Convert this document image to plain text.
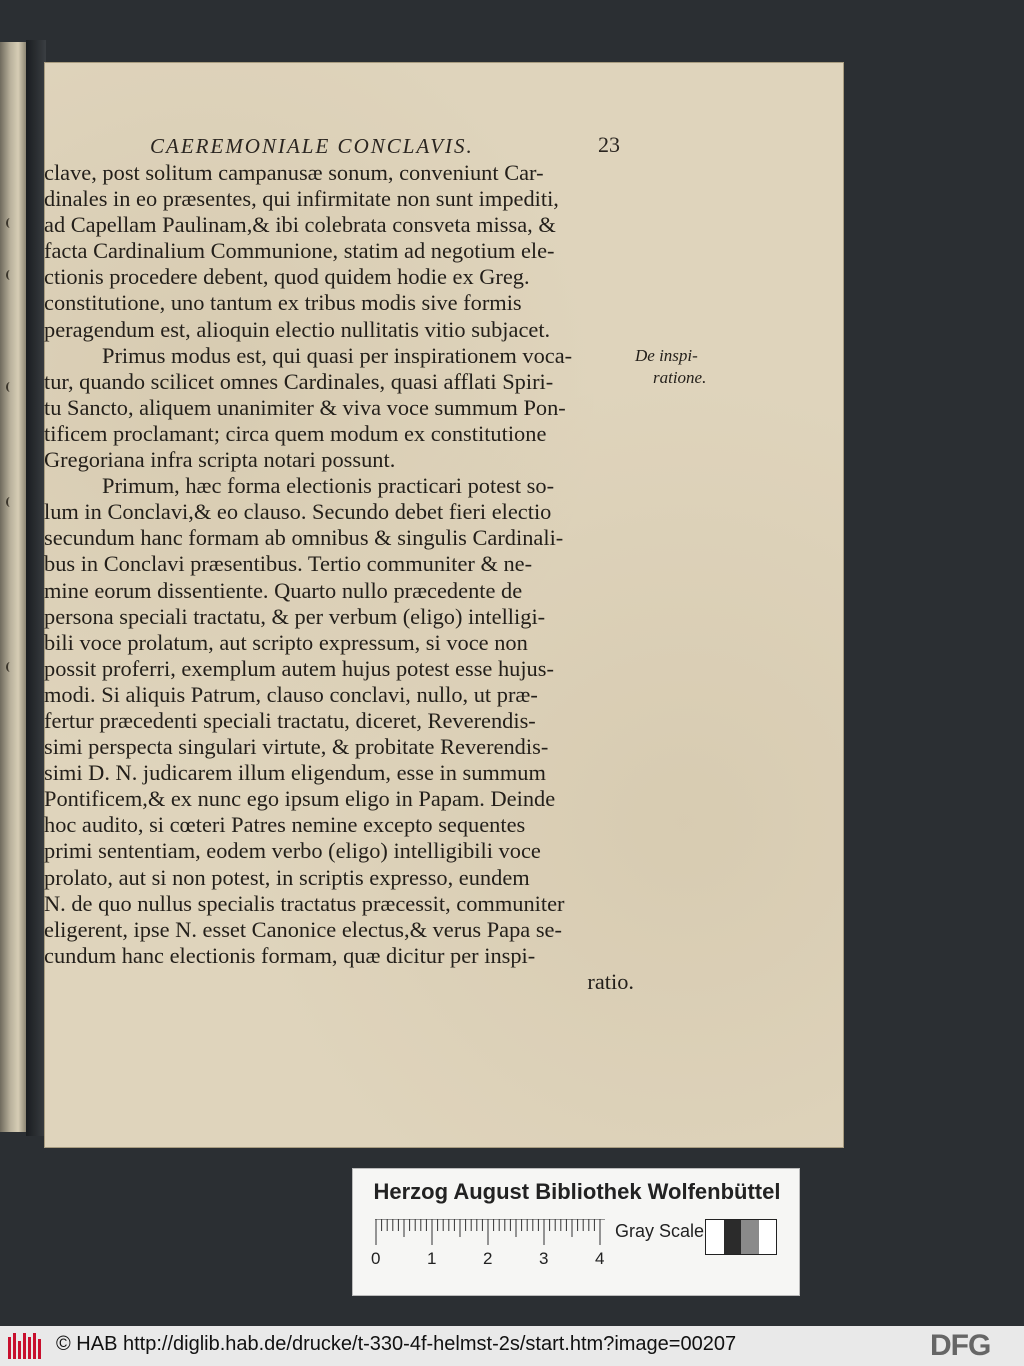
CAEREMONIALE CONCLAVIS.	23
clave, post solitum campanusæ sonum, conveniunt Car-
dinales in eo præsentes, qui infirmitate non sunt impediti,
ad Capellam Paulinam,& ibi colebrata consveta missa, &
facta Cardinalium Communione, statim ad negotium ele-
ctionis procedere debent, quod quidem hodie ex Greg.
constitutione, uno tantum ex tribus modis sive formis
peragendum est, alioquin electio nullitatis vitio subjacet.
Primus modus est, qui quasi per inspirationem voca-
tur, quando scilicet omnes Cardinales, quasi afflati Spiri-
tu Sancto, aliquem unanimiter & viva voce summum Pon-
tificem proclamant; circa quem modum ex constitutione
Gregoriana infra scripta notari possunt.
Primum, hæc forma electionis practicari potest so-
lum in Conclavi,& eo clauso. Secundo debet fieri electio
secundum hanc formam ab omnibus & singulis Cardinali-
bus in Conclavi præsentibus. Tertio communiter & ne-
mine eorum dissentiente. Quarto nullo præcedente de
persona speciali tractatu, & per verbum (eligo) intelligi-
bili voce prolatum, aut scripto expressum, si voce non
possit proferri, exemplum autem hujus potest esse hujus-
modi. Si aliquis Patrum, clauso conclavi, nullo, ut præ-
fertur præcedenti speciali tractatu, diceret, Reverendis-
simi perspecta singulari virtute, & probitate Reverendis-
simi D. N. judicarem illum eligendum, esse in summum
Pontificem,& ex nunc ego ipsum eligo in Papam. Deinde
hoc audito, si cœteri Patres nemine excepto sequentes
primi sententiam, eodem verbo (eligo) intelligibili voce
prolato, aut si non potest, in scriptis expresso, eundem
N. de quo nullus specialis tractatus præcessit, communiter
eligerent, ipse N. esset Canonice electus,& verus Papa se-
cundum hanc electionis formam, quæ dicitur per inspi-
ratio.
De inspi-
ratione.
Herzog August Bibliothek Wolfenbüttel
0	1	2	3	4
Gray Scale
© HAB http://diglib.hab.de/drucke/t-330-4f-helmst-2s/start.htm?image=00207	DFG
